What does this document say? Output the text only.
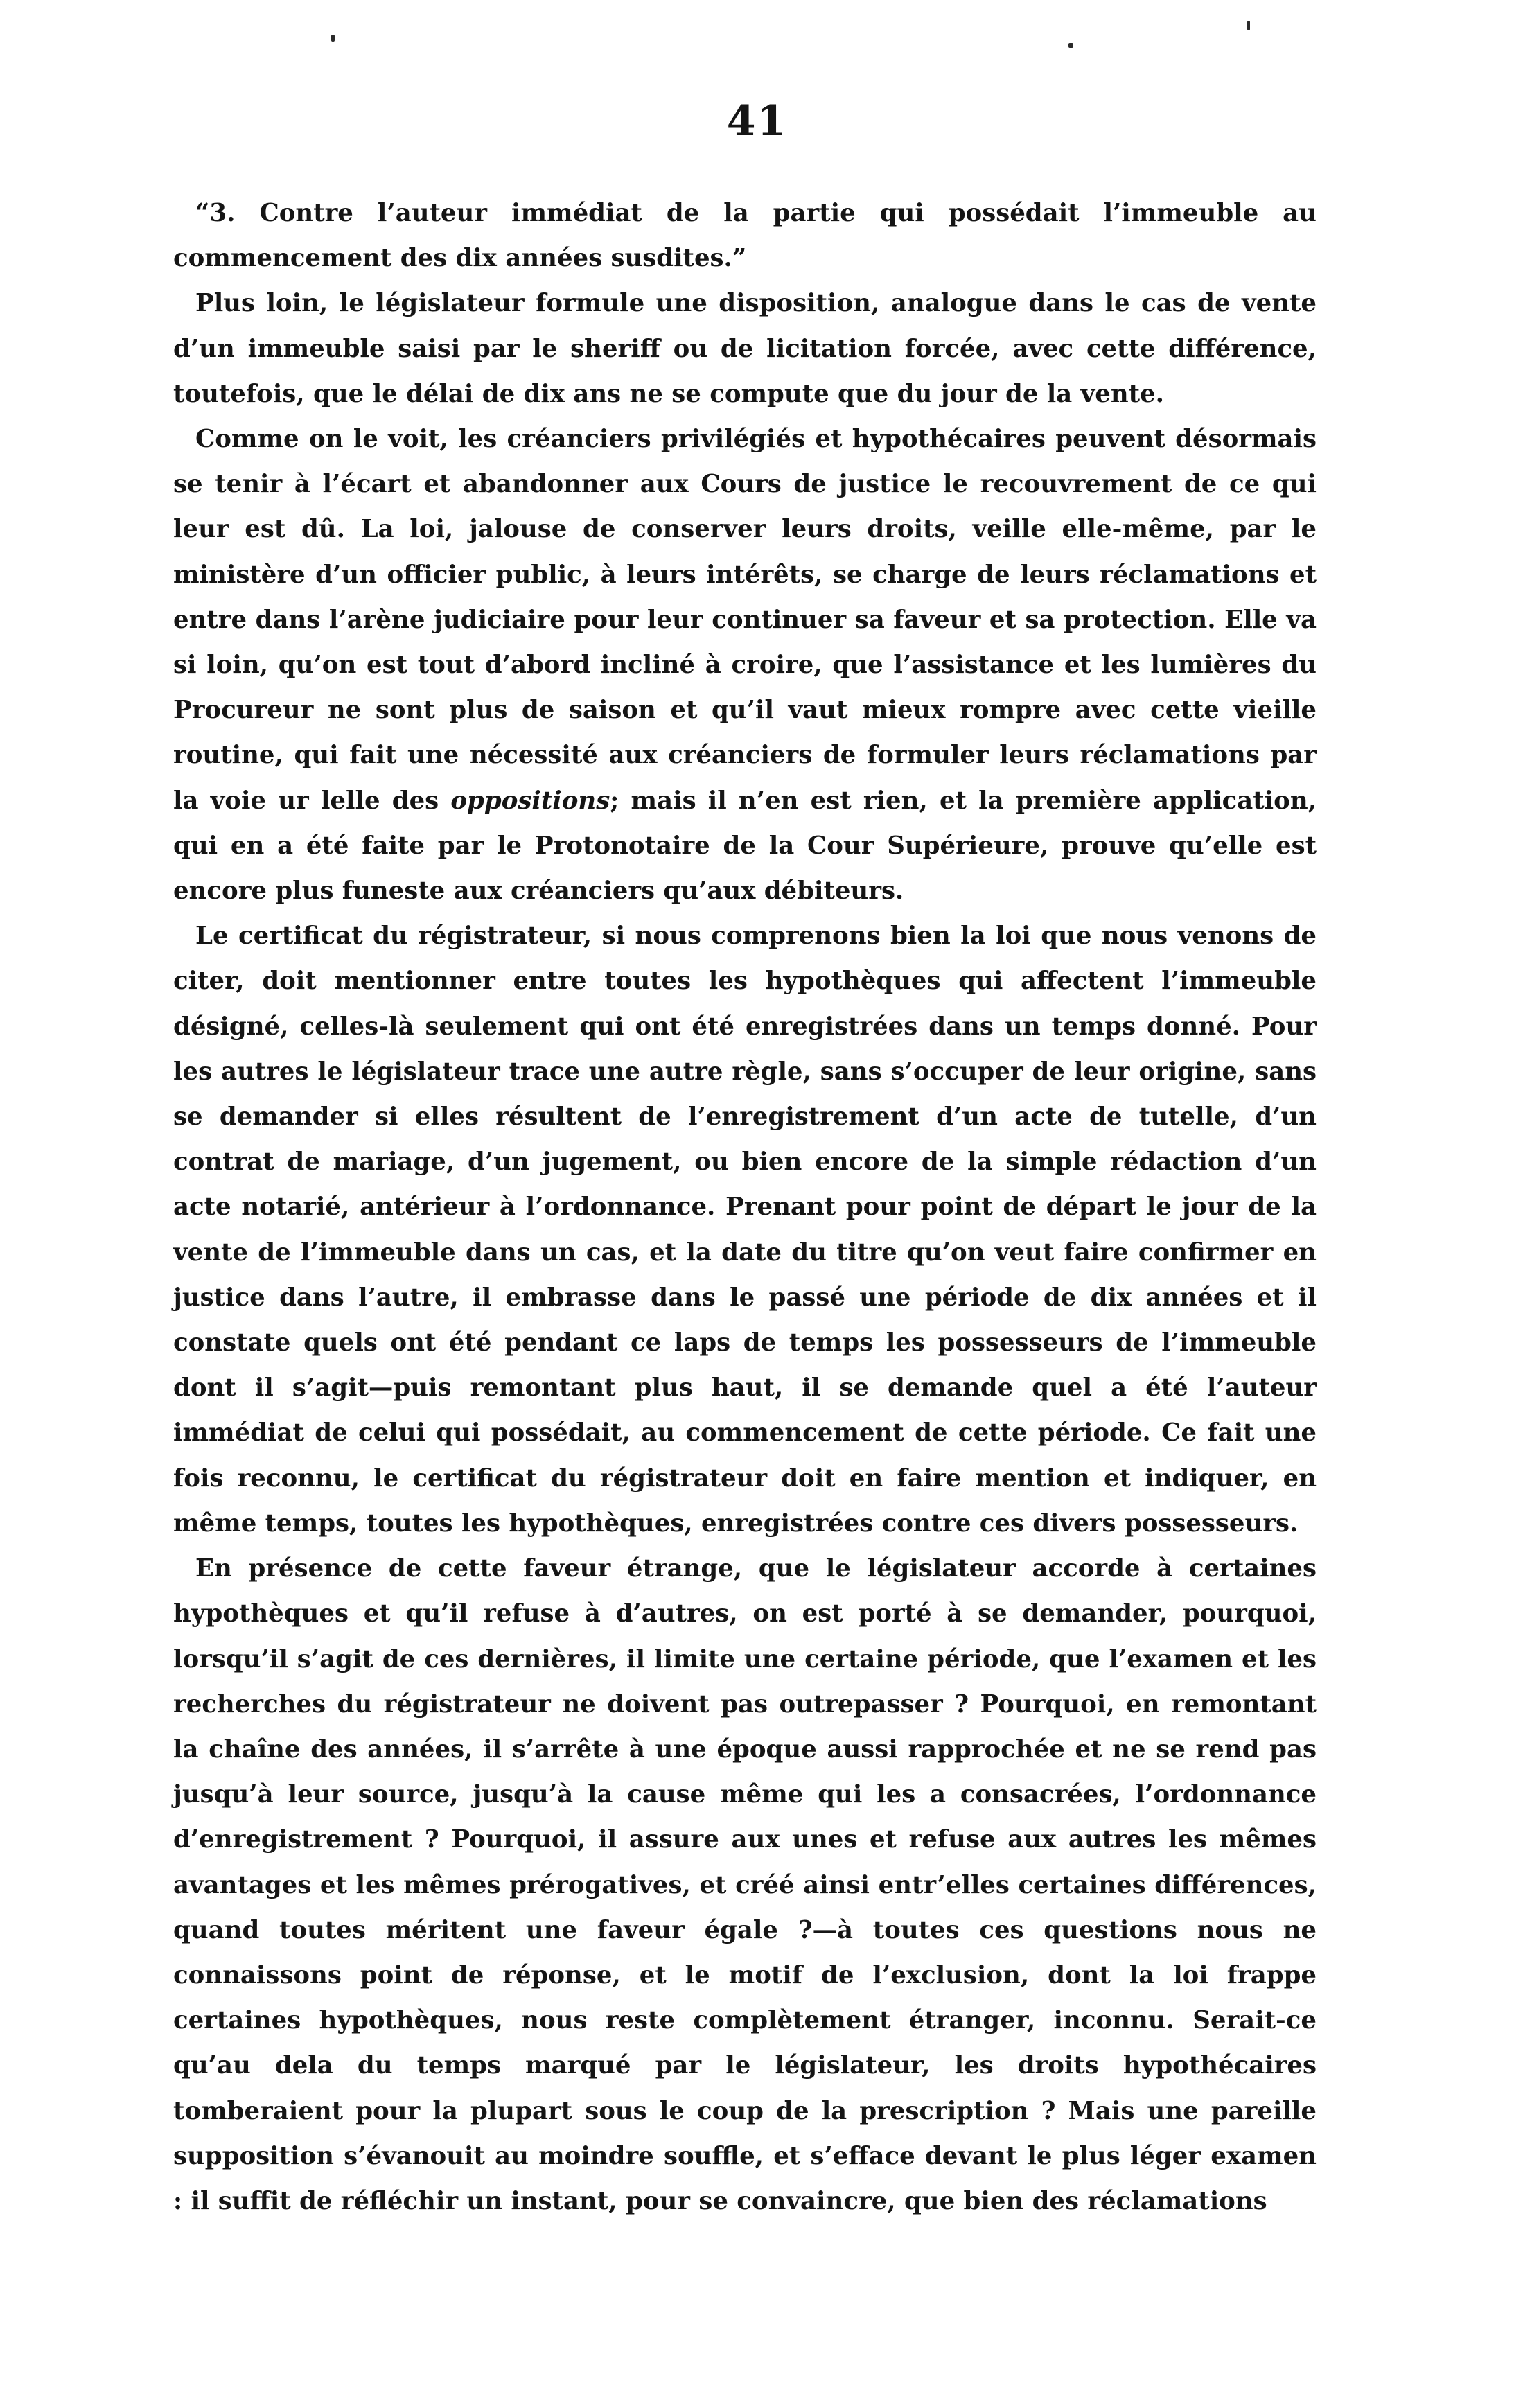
41

“3. Contre l’auteur immédiat de la partie qui possédait l’immeuble au commencement des dix années susdites.”

Plus loin, le législateur formule une disposition, analogue dans le cas de vente d’un immeuble saisi par le sheriff ou de licitation forcée, avec cette différence, toutefois, que le délai de dix ans ne se compute que du jour de la vente.

Comme on le voit, les créanciers privilégiés et hypothécaires peuvent désormais se tenir à l’écart et abandonner aux Cours de justice le recouvrement de ce qui leur est dû. La loi, jalouse de conserver leurs droits, veille elle-même, par le ministère d’un officier public, à leurs intérêts, se charge de leurs réclamations et entre dans l’arène judiciaire pour leur continuer sa faveur et sa protection. Elle va si loin, qu’on est tout d’abord incliné à croire, que l’assistance et les lumières du Procureur ne sont plus de saison et qu’il vaut mieux rompre avec cette vieille routine, qui fait une nécessité aux créanciers de formuler leurs réclamations par la voie ur lelle des oppositions; mais il n’en est rien, et la première application, qui en a été faite par le Protonotaire de la Cour Supérieure, prouve qu’elle est encore plus funeste aux créanciers qu’aux débiteurs.

Le certificat du régistrateur, si nous comprenons bien la loi que nous venons de citer, doit mentionner entre toutes les hypothèques qui affectent l’immeuble désigné, celles-là seulement qui ont été enregistrées dans un temps donné. Pour les autres le législateur trace une autre règle, sans s’occuper de leur origine, sans se demander si elles résultent de l’enregistrement d’un acte de tutelle, d’un contrat de mariage, d’un jugement, ou bien encore de la simple rédaction d’un acte notarié, antérieur à l’ordonnance. Prenant pour point de départ le jour de la vente de l’immeuble dans un cas, et la date du titre qu’on veut faire confirmer en justice dans l’autre, il embrasse dans le passé une période de dix années et il constate quels ont été pendant ce laps de temps les possesseurs de l’immeuble dont il s’agit—puis remontant plus haut, il se demande quel a été l’auteur immédiat de celui qui possédait, au commencement de cette période. Ce fait une fois reconnu, le certificat du régistrateur doit en faire mention et indiquer, en même temps, toutes les hypothèques, enregistrées contre ces divers possesseurs.

En présence de cette faveur étrange, que le législateur accorde à certaines hypothèques et qu’il refuse à d’autres, on est porté à se demander, pourquoi, lorsqu’il s’agit de ces dernières, il limite une certaine période, que l’examen et les recherches du régistrateur ne doivent pas outrepasser ? Pourquoi, en remontant la chaîne des années, il s’arrête à une époque aussi rapprochée et ne se rend pas jusqu’à leur source, jusqu’à la cause même qui les a consacrées, l’ordonnance d’enregistrement ? Pourquoi, il assure aux unes et refuse aux autres les mêmes avantages et les mêmes prérogatives, et créé ainsi entr’elles certaines différences, quand toutes méritent une faveur égale ?—à toutes ces questions nous ne connaissons point de réponse, et le motif de l’exclusion, dont la loi frappe certaines hypothèques, nous reste complètement étranger, inconnu. Serait-ce qu’au dela du temps marqué par le législateur, les droits hypothécaires tomberaient pour la plupart sous le coup de la prescription ? Mais une pareille supposition s’évanouit au moindre souffle, et s’efface devant le plus léger examen : il suffit de réfléchir un instant, pour se convaincre, que bien des réclamations
